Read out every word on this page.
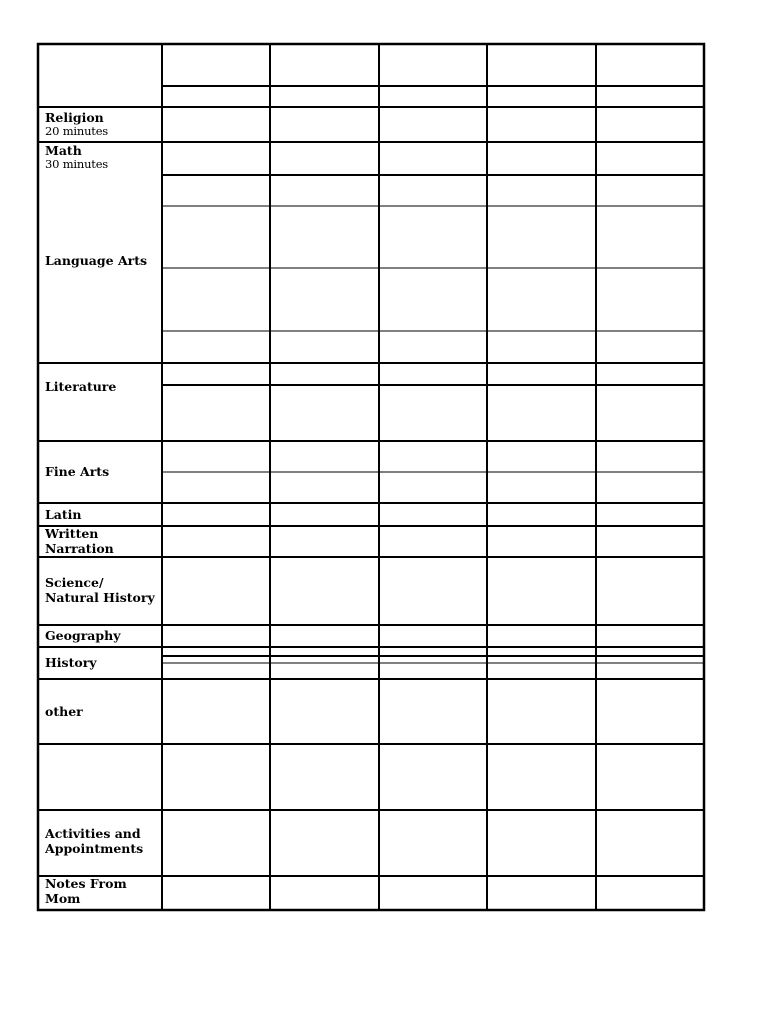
Religion
20 minutes
Math
30 minutes
Language Arts
Literature
Fine Arts
Latin
Written Narration
Science/ Natural History
Geography
History
other
Activities and Appointments
Notes From Mom
